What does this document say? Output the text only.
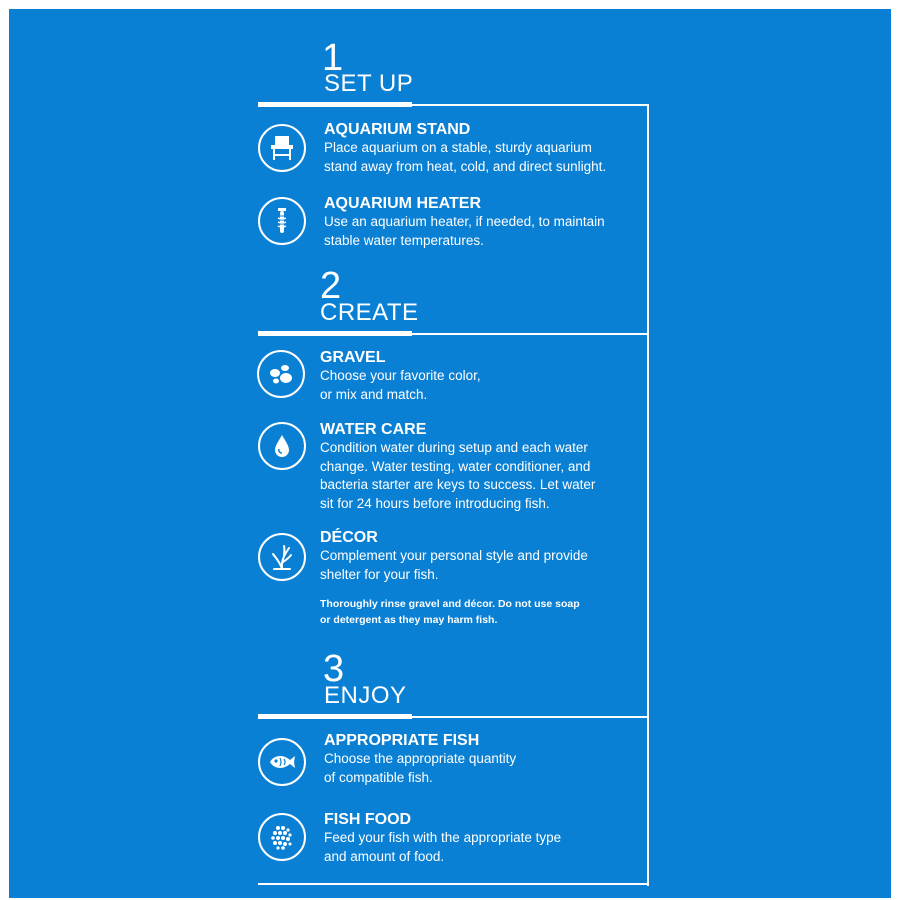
1
SET UP
AQUARIUM STAND
Place aquarium on a stable, sturdy aquarium
stand away from heat, cold, and direct sunlight.
AQUARIUM HEATER
Use an aquarium heater, if needed, to maintain
stable water temperatures.
2
CREATE
GRAVEL
Choose your favorite color,
or mix and match.
WATER CARE
Condition water during setup and each water
change. Water testing, water conditioner, and
bacteria starter are keys to success. Let water
sit for 24 hours before introducing fish.
DÉCOR
Complement your personal style and provide
shelter for your fish.
Thoroughly rinse gravel and décor. Do not use soap
or detergent as they may harm fish.
3
ENJOY
APPROPRIATE FISH
Choose the appropriate quantity
of compatible fish.
FISH FOOD
Feed your fish with the appropriate type
and amount of food.
